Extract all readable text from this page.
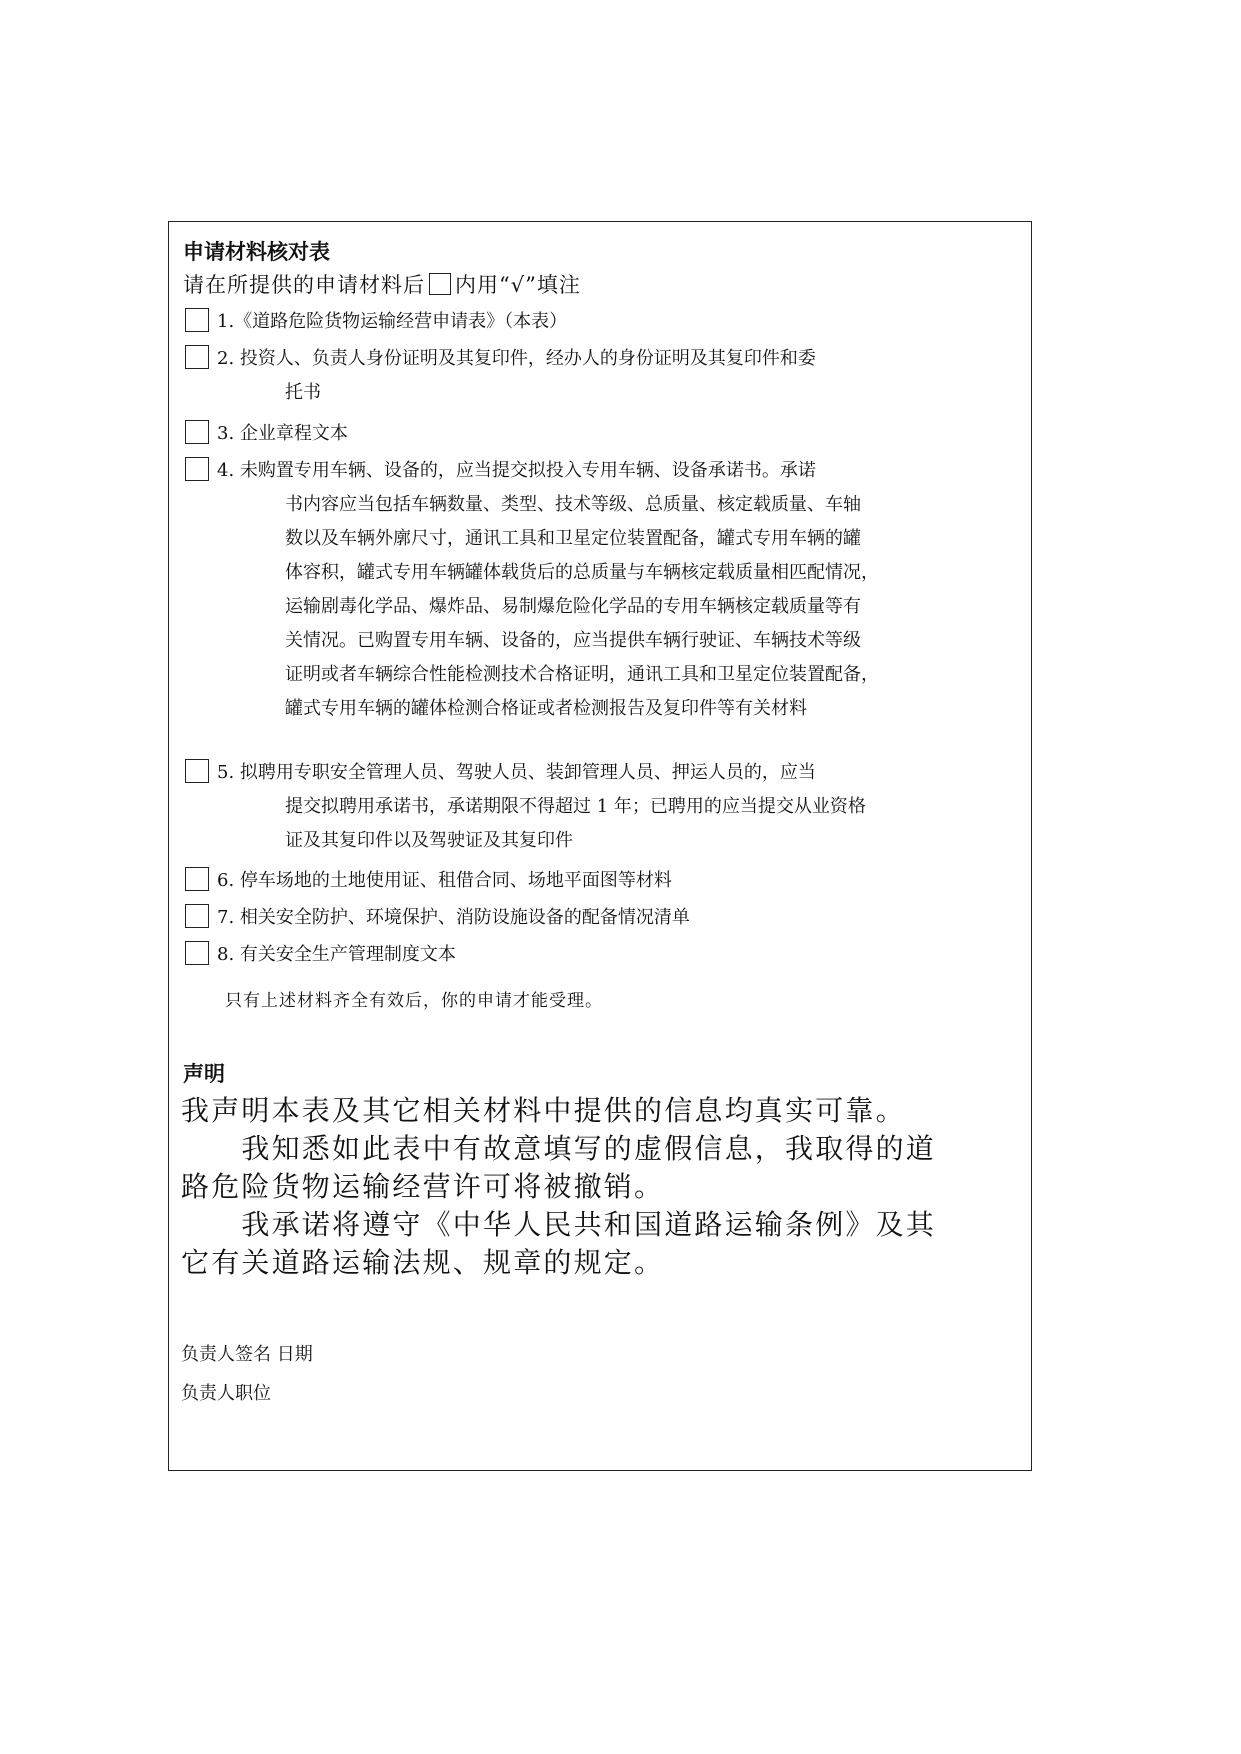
申请材料核对表
请在所提供的申请材料后 内用“√”填注
1.《道路危险货物运输经营申请表》（本表）
2. 投资人、负责人身份证明及其复印件，经办人的身份证明及其复印件和委
托书
3. 企业章程文本
4. 未购置专用车辆、设备的，应当提交拟投入专用车辆、设备承诺书。承诺
书内容应当包括车辆数量、类型、技术等级、总质量、核定载质量、车轴
数以及车辆外廓尺寸，通讯工具和卫星定位装置配备，罐式专用车辆的罐
体容积，罐式专用车辆罐体载货后的总质量与车辆核定载质量相匹配情况，
运输剧毒化学品、爆炸品、易制爆危险化学品的专用车辆核定载质量等有
关情况。已购置专用车辆、设备的，应当提供车辆行驶证、车辆技术等级
证明或者车辆综合性能检测技术合格证明，通讯工具和卫星定位装置配备，
罐式专用车辆的罐体检测合格证或者检测报告及复印件等有关材料
5. 拟聘用专职安全管理人员、驾驶人员、装卸管理人员、押运人员的，应当
提交拟聘用承诺书，承诺期限不得超过 1 年；已聘用的应当提交从业资格
证及其复印件以及驾驶证及其复印件
6. 停车场地的土地使用证、租借合同、场地平面图等材料
7. 相关安全防护、环境保护、消防设施设备的配备情况清单
8. 有关安全生产管理制度文本
只有上述材料齐全有效后，你的申请才能受理。
声明
我声明本表及其它相关材料中提供的信息均真实可靠。
　　我知悉如此表中有故意填写的虚假信息，我取得的道
路危险货物运输经营许可将被撤销。
　　我承诺将遵守《中华人民共和国道路运输条例》及其
它有关道路运输法规、规章的规定。
负责人签名 日期
负责人职位
